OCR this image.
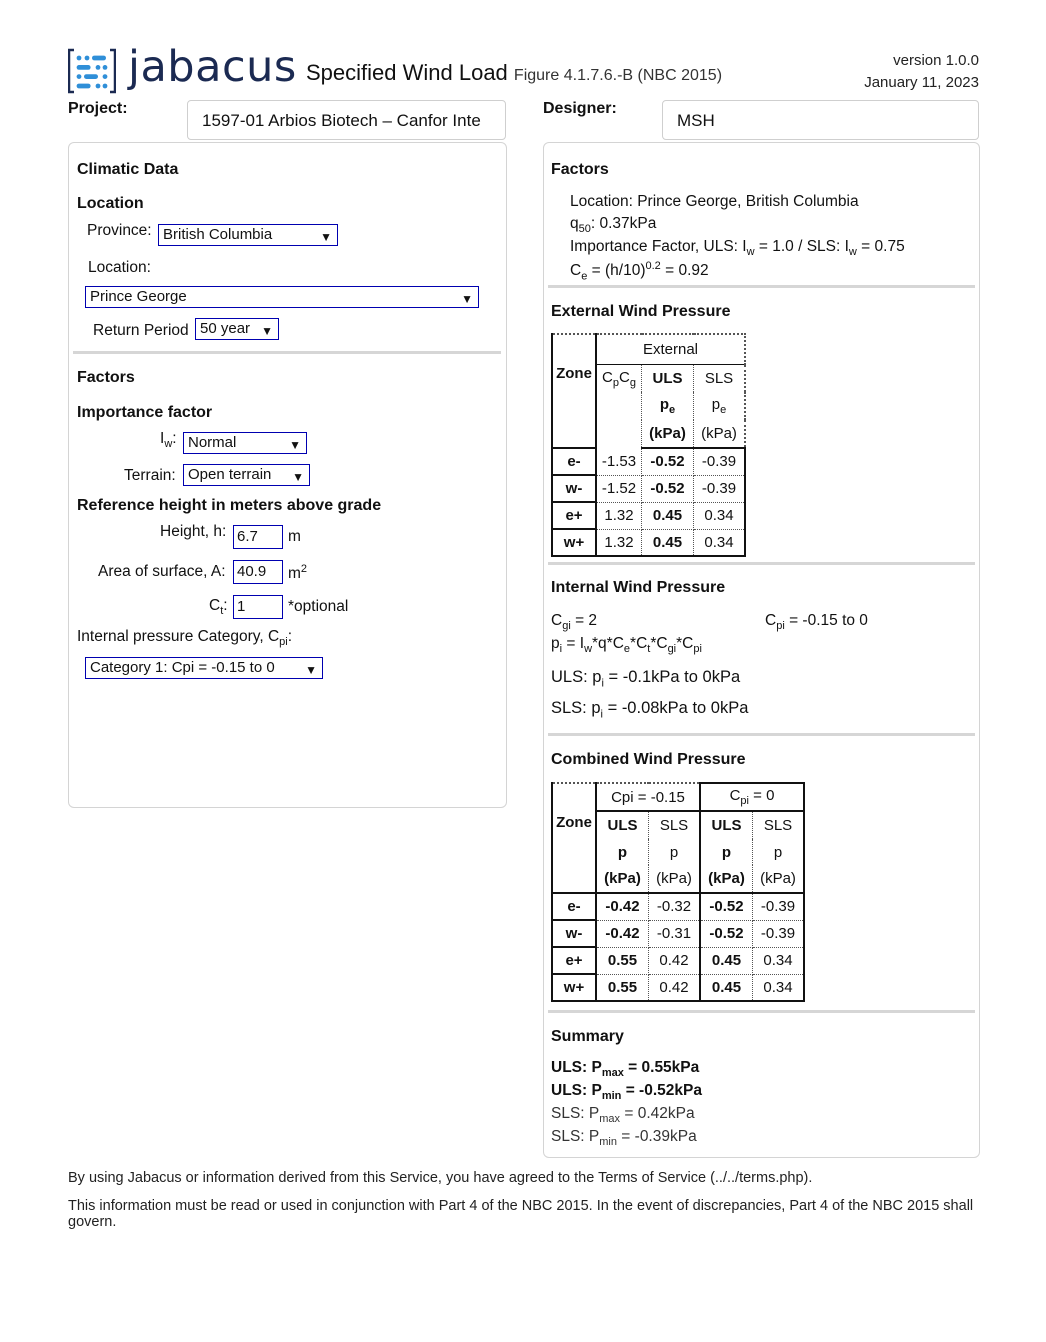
jabacus Specified Wind Load Figure 4.1.7.6.-B (NBC 2015)
version 1.0.0
January 11, 2023
Project:
1597-01 Arbios Biotech – Canfor Inte
Designer:
MSH
Climatic Data
Location
Province: British Columbia	▼
Location:
Prince George	▼
Return Period 50 year ▼
Factors
Importance factor
$I_w$: Normal	▼
Terrain: Open terrain ▼
Reference height in meters above grade
Height, h: 6.7	m
Area of surface, A: 40.9	$m^2$
$C_t$: 1	*optional
Internal pressure Category, $C_{pi}$:
Category 1: Cpi = -0.15 to 0	▼
Factors
Location: Prince George, British Columbia
$q_{50}$: 0.37kPa
Importance Factor, ULS: $I_w = 1.0$ / SLS: $I_w = 0.75$
$C_e = (h/10)^{0.2} = 0.92$
External Wind Pressure
Zone	External		
	$C_pC_g$	ULS	SLS
		$p_e$	$p_e$
		(kPa)	(kPa)
e-	-1.53	-0.52	-0.39
w-	-1.52	-0.52	-0.39
e+	1.32	0.45	0.34
w+	1.32	0.45	0.34
Internal Wind Pressure
$C_{gi} = 2$	$C_{pi} = -0.15$ to 0
$p_i = I_w*q*C_e*C_t*C_{gi}*C_{pi}$
ULS: $p_i = -0.1kPa$ to 0kPa
SLS: $p_i = -0.08kPa$ to 0kPa
Combined Wind Pressure
Zone	Cpi = -0.15		$C_{pi} = 0$	
	ULS	SLS	ULS	SLS
	p	p	p	p
	(kPa)	(kPa)	(kPa)	(kPa)
e-	-0.42	-0.32	-0.52	-0.39
w-	-0.42	-0.31	-0.52	-0.39
e+	0.55	0.42	0.45	0.34
w+	0.55	0.42	0.45	0.34
Summary
ULS: $P_{max} = 0.55kPa$
ULS: $P_{min} = -0.52kPa$
SLS: $P_{max} = 0.42kPa$
SLS: $P_{min} = -0.39kPa$
By using Jabacus or information derived from this Service, you have agreed to the Terms of Service (../../terms.php).
This information must be read or used in conjunction with Part 4 of the NBC 2015. In the event of discrepancies, Part 4 of the NBC 2015 shall govern.
